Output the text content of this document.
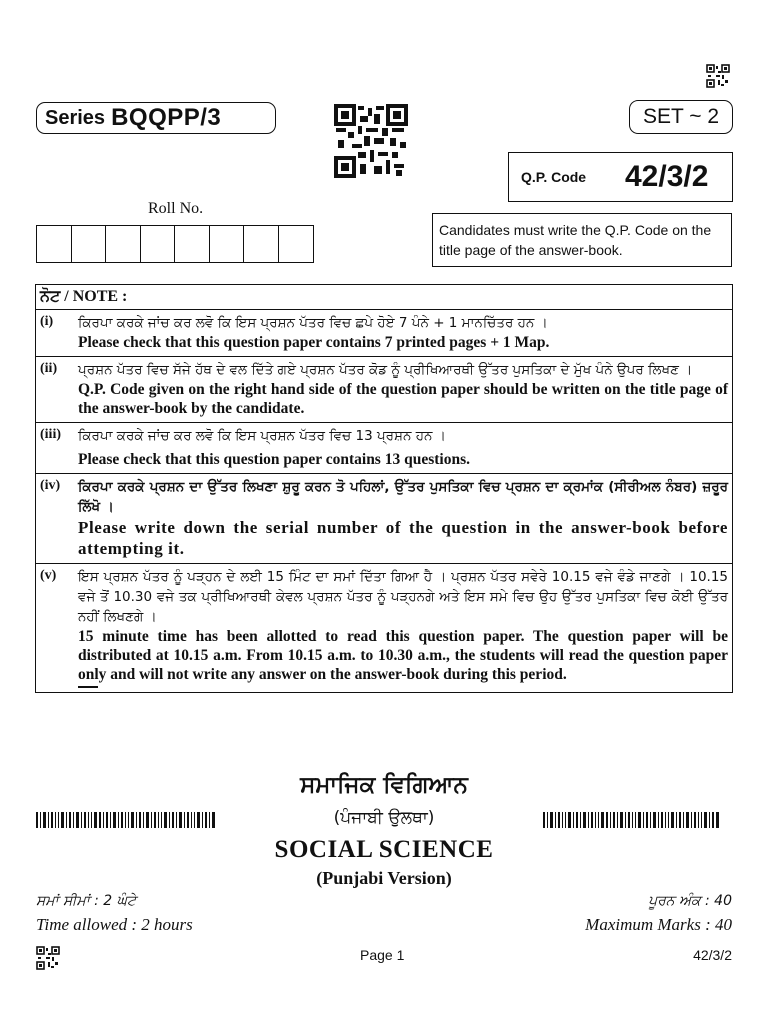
Series BQQPP/3	SET ~ 2
Q.P. Code	42/3/2
Roll No.
Candidates must write the Q.P. Code on the title page of the answer-book.
ਨੋਟ / NOTE :	
(i)	ਕਿਰਪਾ ਕਰਕੇ ਜਾਂਚ ਕਰ ਲਵੋ ਕਿ ਇਸ ਪ੍ਰਸ਼ਨ ਪੱਤਰ ਵਿਚ ਛਪੇ ਹੋਏ 7 ਪੰਨੇ + 1 ਮਾਨਚਿੱਤਰ ਹਨ ।
Please check that this question paper contains 7 printed pages + 1 Map.

(ii)	ਪ੍ਰਸ਼ਨ ਪੱਤਰ ਵਿਚ ਸੱਜੇ ਹੱਥ ਦੇ ਵਲ ਦਿੱਤੇ ਗਏ ਪ੍ਰਸ਼ਨ ਪੱਤਰ ਕੋਡ ਨੂੰ ਪ੍ਰੀਖਿਆਰਥੀ ਉੱਤਰ ਪੁਸਤਿਕਾ ਦੇ ਮੁੱਖ ਪੰਨੇ ਉਪਰ ਲਿਖਣ ।
Q.P. Code given on the right hand side of the question paper should be written on the title page of the answer-book by the candidate.

(iii)	ਕਿਰਪਾ ਕਰਕੇ ਜਾਂਚ ਕਰ ਲਵੋ ਕਿ ਇਸ ਪ੍ਰਸ਼ਨ ਪੱਤਰ ਵਿਚ 13 ਪ੍ਰਸ਼ਨ ਹਨ ।
Please check that this question paper contains 13 questions.

(iv)	ਕਿਰਪਾ ਕਰਕੇ ਪ੍ਰਸ਼ਨ ਦਾ ਉੱਤਰ ਲਿਖਣਾ ਸ਼ੁਰੂ ਕਰਨ ਤੋ ਪਹਿਲਾਂ, ਉੱਤਰ ਪੁਸਤਿਕਾ ਵਿਚ ਪ੍ਰਸ਼ਨ ਦਾ ਕ੍ਰਮਾਂਕ (ਸੀਰੀਅਲ ਨੰਬਰ) ਜ਼ਰੂਰ ਲਿੱਖੋ ।
Please write down the serial number of the question in the answer-book before attempting it.

(v)	ਇਸ ਪ੍ਰਸ਼ਨ ਪੱਤਰ ਨੂੰ ਪੜ੍ਹਨ ਦੇ ਲਈ 15 ਮਿੰਟ ਦਾ ਸਮਾਂ ਦਿੱਤਾ ਗਿਆ ਹੈ । ਪ੍ਰਸ਼ਨ ਪੱਤਰ ਸਵੇਰੇ 10.15 ਵਜੇ ਵੰਡੇ ਜਾਣਗੇ । 10.15 ਵਜੇ ਤੋਂ 10.30 ਵਜੇ ਤਕ ਪ੍ਰੀਖਿਆਰਥੀ ਕੇਵਲ ਪ੍ਰਸ਼ਨ ਪੱਤਰ ਨੂੰ ਪੜ੍ਹਨਗੇ ਅਤੇ ਇਸ ਸਮੇ ਵਿਚ ਉਹ ਉੱਤਰ ਪੁਸਤਿਕਾ ਵਿਚ ਕੋਈ ਉੱਤਰ ਨਹੀਂ ਲਿਖਣਗੇ ।
15 minute time has been allotted to read this question paper. The question paper will be distributed at 10.15 a.m. From 10.15 a.m. to 10.30 a.m., the students will read the question paper only and will not write any answer on the answer-book during this period.
ਸਮਾਜਿਕ ਵਿਗਿਆਨ
(ਪੰਜਾਬੀ ਉਲਥਾ)
SOCIAL SCIENCE
(Punjabi Version)
ਸਮਾਂ ਸੀਮਾਂ : 2 ਘੰਟੇ
Time allowed : 2 hours
ਪੂਰਨ ਅੰਕ : 40
Maximum Marks : 40
Page 1	42/3/2
